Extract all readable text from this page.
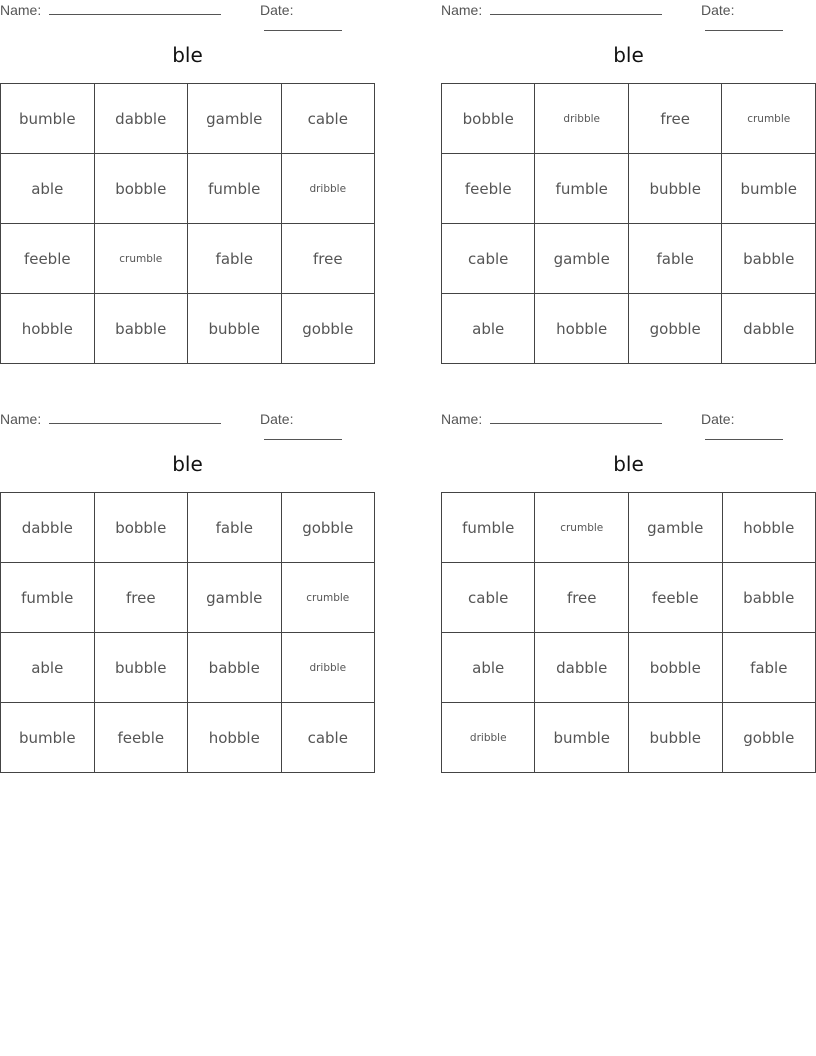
Name:	Date:
ble
bumble	dabble	gamble	cable
able	bobble	fumble	dribble
feeble	crumble	fable	free
hobble	babble	bubble	gobble
Name:	Date:
ble
bobble	dribble	free	crumble
feeble	fumble	bubble	bumble
cable	gamble	fable	babble
able	hobble	gobble	dabble
Name:	Date:
ble
dabble	bobble	fable	gobble
fumble	free	gamble	crumble
able	bubble	babble	dribble
bumble	feeble	hobble	cable
Name:	Date:
ble
fumble	crumble	gamble	hobble
cable	free	feeble	babble
able	dabble	bobble	fable
dribble	bumble	bubble	gobble
